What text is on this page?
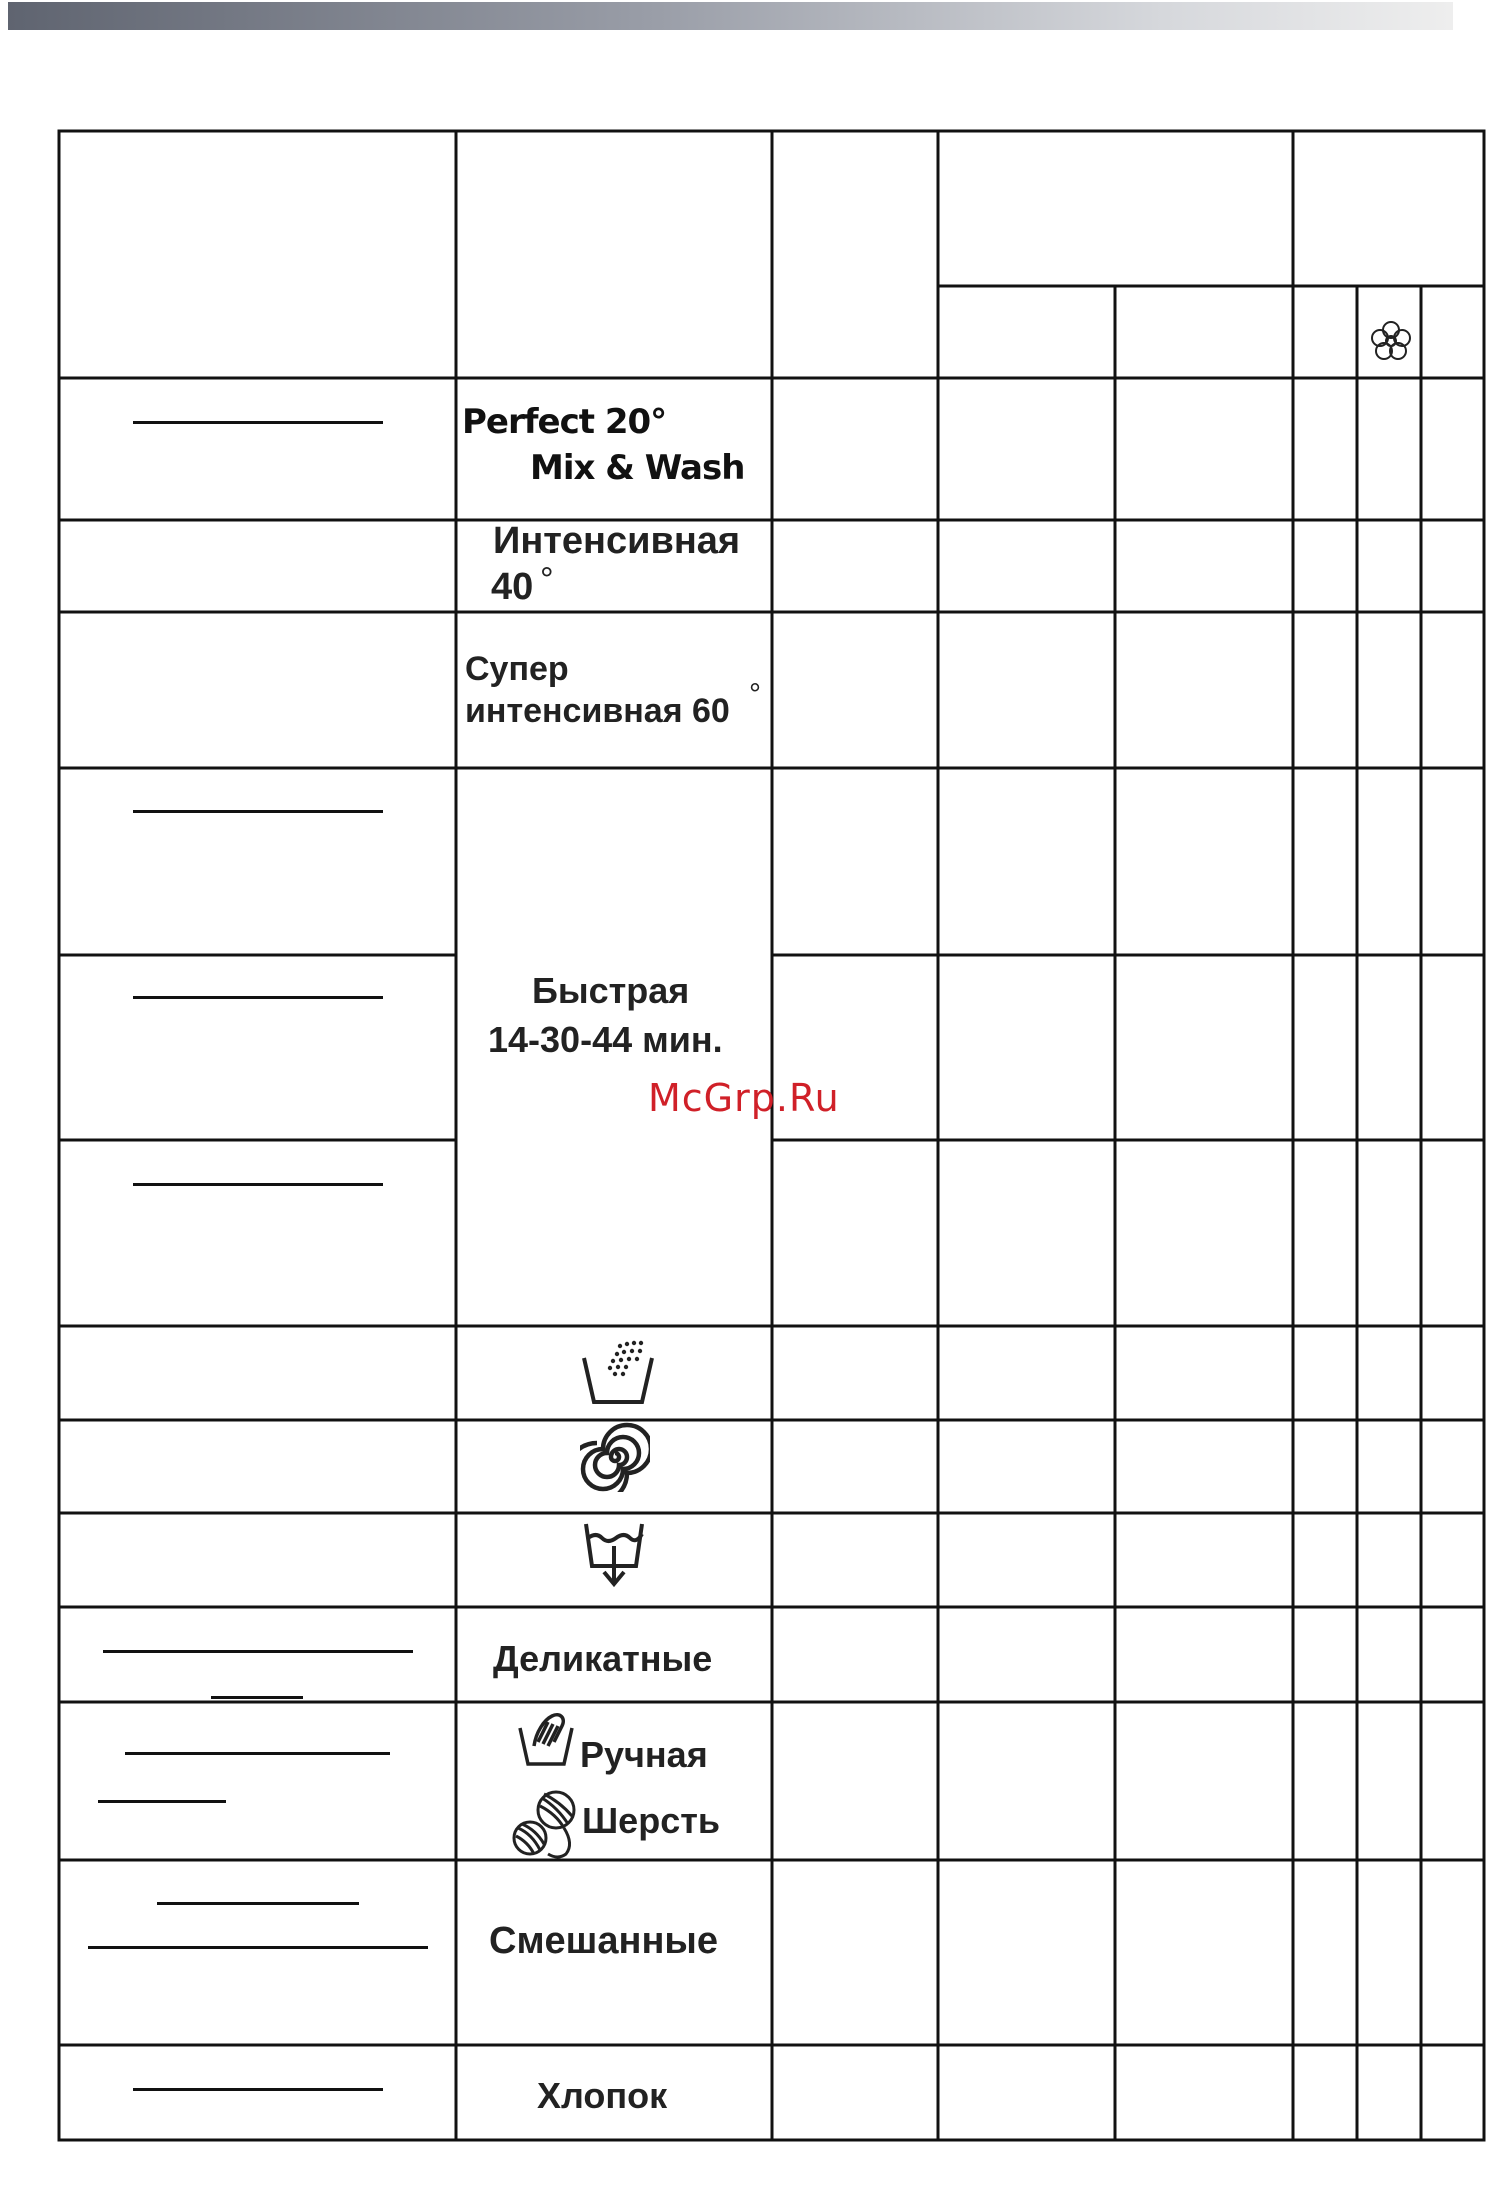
Perfect 20°
Mix & Wash
Интенсивная
40 °
Супер
интенсивная 60 °
Быстрая
14-30-44 мин.
Деликатные
Ручная
Шерсть
Смешанные
Хлопок
McGrp.Ru
